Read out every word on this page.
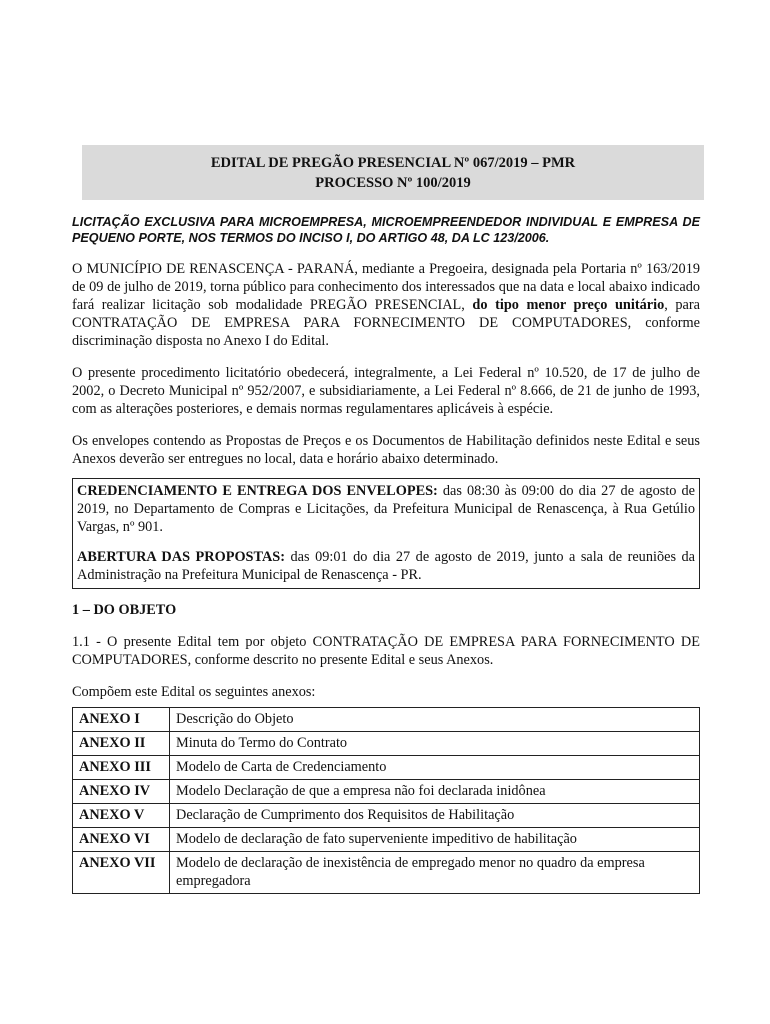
EDITAL DE PREGÃO PRESENCIAL Nº 067/2019 – PMR
PROCESSO Nº 100/2019
LICITAÇÃO EXCLUSIVA PARA MICROEMPRESA, MICROEMPREENDEDOR INDIVIDUAL E EMPRESA DE PEQUENO PORTE, NOS TERMOS DO INCISO I, DO ARTIGO 48, DA LC 123/2006.

O MUNICÍPIO DE RENASCENÇA - PARANÁ, mediante a Pregoeira, designada pela Portaria nº 163/2019 de 09 de julho de 2019, torna público para conhecimento dos interessados que na data e local abaixo indicado fará realizar licitação sob modalidade PREGÃO PRESENCIAL, do tipo menor preço unitário, para CONTRATAÇÃO DE EMPRESA PARA FORNECIMENTO DE COMPUTADORES, conforme discriminação disposta no Anexo I do Edital.

O presente procedimento licitatório obedecerá, integralmente, a Lei Federal nº 10.520, de 17 de julho de 2002, o Decreto Municipal nº 952/2007, e subsidiariamente, a Lei Federal nº 8.666, de 21 de junho de 1993, com as alterações posteriores, e demais normas regulamentares aplicáveis à espécie.

Os envelopes contendo as Propostas de Preços e os Documentos de Habilitação definidos neste Edital e seus Anexos deverão ser entregues no local, data e horário abaixo determinado.

CREDENCIAMENTO E ENTREGA DOS ENVELOPES: das 08:30 às 09:00 do dia 27 de agosto de 2019, no Departamento de Compras e Licitações, da Prefeitura Municipal de Renascença, à Rua Getúlio Vargas, nº 901.

ABERTURA DAS PROPOSTAS: das 09:01 do dia 27 de agosto de 2019, junto a sala de reuniões da Administração na Prefeitura Municipal de Renascença - PR.

1 – DO OBJETO

1.1 - O presente Edital tem por objeto CONTRATAÇÃO DE EMPRESA PARA FORNECIMENTO DE COMPUTADORES, conforme descrito no presente Edital e seus Anexos.

Compõem este Edital os seguintes anexos:

ANEXO I	Descrição do Objeto
ANEXO II	Minuta do Termo do Contrato
ANEXO III	Modelo de Carta de Credenciamento
ANEXO IV	Modelo Declaração de que a empresa não foi declarada inidônea
ANEXO V	Declaração de Cumprimento dos Requisitos de Habilitação
ANEXO VI	Modelo de declaração de fato superveniente impeditivo de habilitação
ANEXO VII	Modelo de declaração de inexistência de empregado menor no quadro da empresa empregadora
